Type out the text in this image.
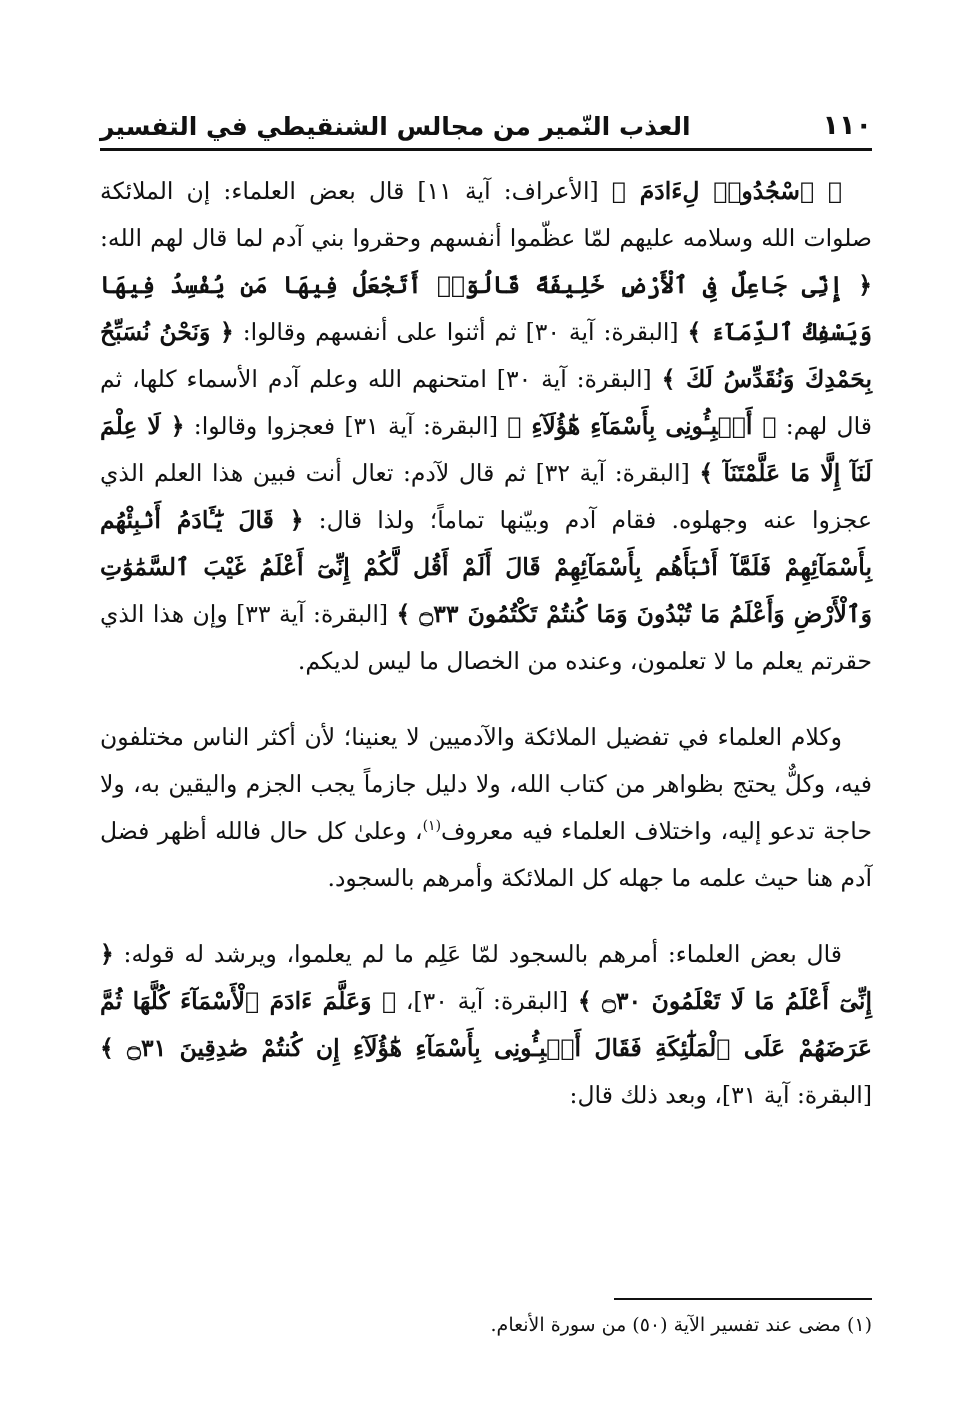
١١٠
العذب النّمير من مجالس الشنقيطي في التفسير

﴿ ٱسْجُدُوا۟ لِءَادَمَ ﴾ [الأعراف: آية ١١] قال بعض العلماء: إن الملائكة صلوات الله وسلامه عليهم لمّا عظّموا أنفسهم وحقروا بني آدم لما قال لهم الله: ﴿ إِنِّى جَاعِلٌ فِى ٱلْأَرْضِ خَلِيفَةً قَالُوٓا۟ أَتَجْعَلُ فِيهَا مَن يُفْسِدُ فِيهَا وَيَسْفِكُ ٱلدِّمَآءَ ﴾ [البقرة: آية ٣٠] ثم أثنوا على أنفسهم وقالوا: ﴿ وَنَحْنُ نُسَبِّحُ بِحَمْدِكَ وَنُقَدِّسُ لَكَ ﴾ [البقرة: آية ٣٠] امتحنهم الله وعلم آدم الأسماء كلها، ثم قال لهم: ﴿ أَنۢبِـُٔونِى بِأَسْمَآءِ هَٰٓؤُلَآءِ ﴾ [البقرة: آية ٣١] فعجزوا وقالوا: ﴿ لَا عِلْمَ لَنَآ إِلَّا مَا عَلَّمْتَنَآ ﴾ [البقرة: آية ٣٢] ثم قال لآدم: تعال أنت فبين هذا العلم الذي عجزوا عنه وجهلوه. فقام آدم وبيّنها تماماً؛ ولذا قال: ﴿ قَالَ يَٰٓـَٔادَمُ أَنۢبِئْهُم بِأَسْمَآئِهِمْ فَلَمَّآ أَنۢبَأَهُم بِأَسْمَآئِهِمْ قَالَ أَلَمْ أَقُل لَّكُمْ إِنِّىٓ أَعْلَمُ غَيْبَ ٱلسَّمَٰوَٰتِ وَٱلْأَرْضِ وَأَعْلَمُ مَا تُبْدُونَ وَمَا كُنتُمْ تَكْتُمُونَ ۝٣٣ ﴾ [البقرة: آية ٣٣] وإن هذا الذي حقرتم يعلم ما لا تعلمون، وعنده من الخصال ما ليس لديكم.

وكلام العلماء في تفضيل الملائكة والآدميين لا يعنينا؛ لأن أكثر الناس مختلفون فيه، وكلٌّ يحتج بظواهر من كتاب الله، ولا دليل جازماً يجب الجزم واليقين به، ولا حاجة تدعو إليه، واختلاف العلماء فيه معروف$^{(١)}$، وعلىٰ كل حال فالله أظهر فضل آدم هنا حيث علمه ما جهله كل الملائكة وأمرهم بالسجود.

قال بعض العلماء: أمرهم بالسجود لمّا عَلِم ما لم يعلموا، ويرشد له قوله: ﴿ إِنِّىٓ أَعْلَمُ مَا لَا تَعْلَمُونَ ۝٣٠ ﴾ [البقرة: آية ٣٠]، ﴿ وَعَلَّمَ ءَادَمَ ٱلْأَسْمَآءَ كُلَّهَا ثُمَّ عَرَضَهُمْ عَلَى ٱلْمَلَٰٓئِكَةِ فَقَالَ أَنۢبِـُٔونِى بِأَسْمَآءِ هَٰٓؤُلَآءِ إِن كُنتُمْ صَٰدِقِينَ ۝٣١ ﴾ [البقرة: آية ٣١]، وبعد ذلك قال:

(١) مضى عند تفسير الآية (٥٠) من سورة الأنعام.
